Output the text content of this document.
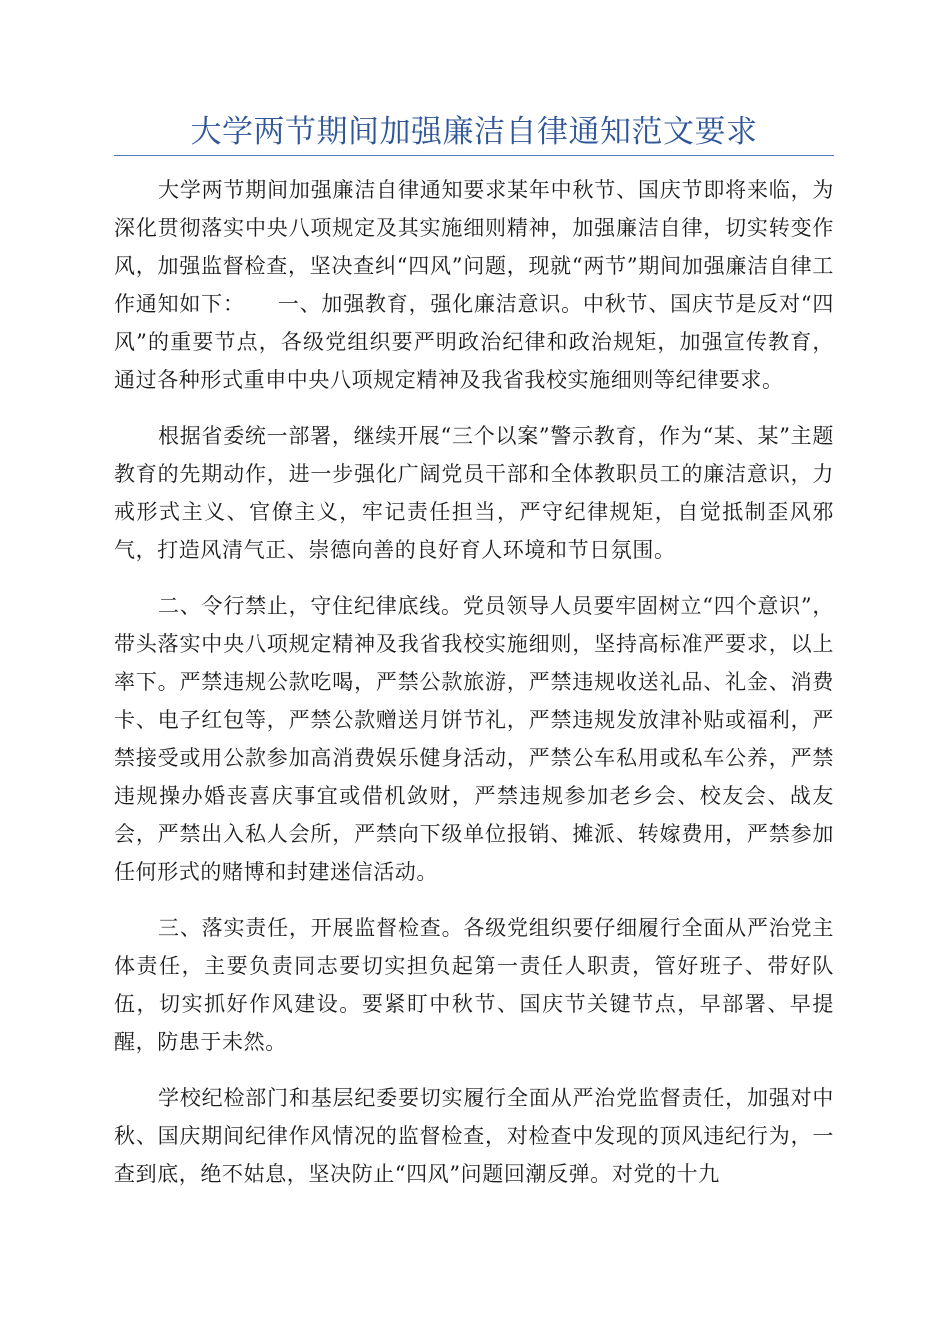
大学两节期间加强廉洁自律通知范文要求

大学两节期间加强廉洁自律通知要求某年中秋节、国庆节即将来临，为深化贯彻落实中央八项规定及其实施细则精神，加强廉洁自律，切实转变作风，加强监督检查，坚决查纠“四风”问题，现就“两节”期间加强廉洁自律工作通知如下：　　一、加强教育，强化廉洁意识。中秋节、国庆节是反对“四风”的重要节点，各级党组织要严明政治纪律和政治规矩，加强宣传教育，通过各种形式重申中央八项规定精神及我省我校实施细则等纪律要求。

根据省委统一部署，继续开展“三个以案”警示教育，作为“某、某”主题教育的先期动作，进一步强化广阔党员干部和全体教职员工的廉洁意识，力戒形式主义、官僚主义，牢记责任担当，严守纪律规矩，自觉抵制歪风邪气，打造风清气正、崇德向善的良好育人环境和节日氛围。

二、令行禁止，守住纪律底线。党员领导人员要牢固树立“四个意识”，带头落实中央八项规定精神及我省我校实施细则，坚持高标准严要求，以上率下。严禁违规公款吃喝，严禁公款旅游，严禁违规收送礼品、礼金、消费卡、电子红包等，严禁公款赠送月饼节礼，严禁违规发放津补贴或福利，严禁接受或用公款参加高消费娱乐健身活动，严禁公车私用或私车公养，严禁违规操办婚丧喜庆事宜或借机敛财，严禁违规参加老乡会、校友会、战友会，严禁出入私人会所，严禁向下级单位报销、摊派、转嫁费用，严禁参加任何形式的赌博和封建迷信活动。

三、落实责任，开展监督检查。各级党组织要仔细履行全面从严治党主体责任，主要负责同志要切实担负起第一责任人职责，管好班子、带好队伍，切实抓好作风建设。要紧盯中秋节、国庆节关键节点，早部署、早提醒，防患于未然。

学校纪检部门和基层纪委要切实履行全面从严治党监督责任，加强对中秋、国庆期间纪律作风情况的监督检查，对检查中发现的顶风违纪行为，一查到底，绝不姑息，坚决防止“四风”问题回潮反弹。对党的十九
